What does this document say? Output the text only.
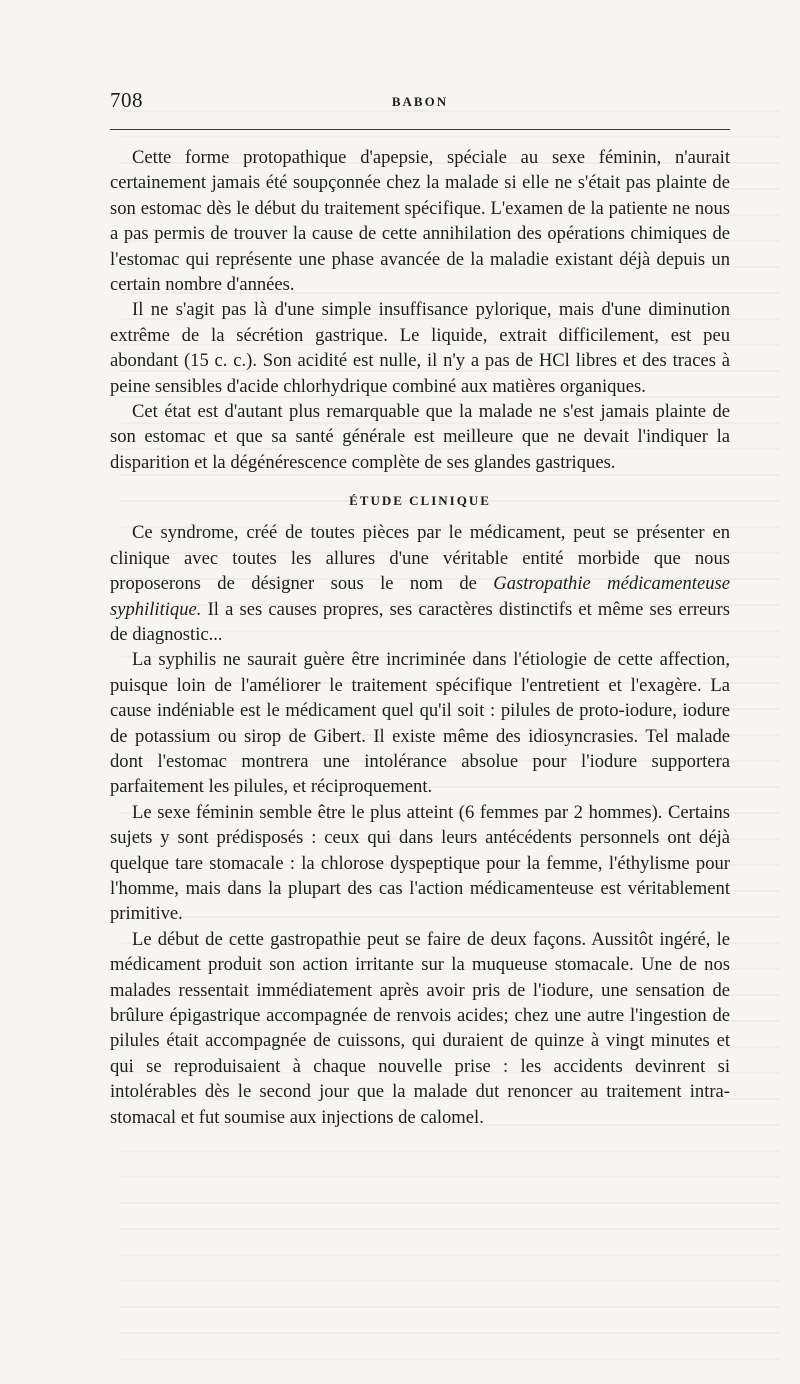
708	BABON

Cette forme protopathique d'apepsie, spéciale au sexe féminin, n'aurait certainement jamais été soupçonnée chez la malade si elle ne s'était pas plainte de son estomac dès le début du traitement spécifique. L'examen de la patiente ne nous a pas permis de trouver la cause de cette annihilation des opérations chimiques de l'estomac qui représente une phase avancée de la maladie existant déjà depuis un certain nombre d'années.

Il ne s'agit pas là d'une simple insuffisance pylorique, mais d'une diminution extrême de la sécrétion gastrique. Le liquide, extrait difficilement, est peu abondant (15 c. c.). Son acidité est nulle, il n'y a pas de HCl libres et des traces à peine sensibles d'acide chlorhydrique combiné aux matières organiques.

Cet état est d'autant plus remarquable que la malade ne s'est jamais plainte de son estomac et que sa santé générale est meilleure que ne devait l'indiquer la disparition et la dégénérescence complète de ses glandes gastriques.

ÉTUDE CLINIQUE

Ce syndrome, créé de toutes pièces par le médicament, peut se présenter en clinique avec toutes les allures d'une véritable entité morbide que nous proposerons de désigner sous le nom de Gastropathie médicamenteuse syphilitique. Il a ses causes propres, ses caractères distinctifs et même ses erreurs de diagnostic...

La syphilis ne saurait guère être incriminée dans l'étiologie de cette affection, puisque loin de l'améliorer le traitement spécifique l'entretient et l'exagère. La cause indéniable est le médicament quel qu'il soit : pilules de proto-iodure, iodure de potassium ou sirop de Gibert. Il existe même des idiosyncrasies. Tel malade dont l'estomac montrera une intolérance absolue pour l'iodure supportera parfaitement les pilules, et réciproquement.

Le sexe féminin semble être le plus atteint (6 femmes par 2 hommes). Certains sujets y sont prédisposés : ceux qui dans leurs antécédents personnels ont déjà quelque tare stomacale : la chlorose dyspeptique pour la femme, l'éthylisme pour l'homme, mais dans la plupart des cas l'action médicamenteuse est véritablement primitive.

Le début de cette gastropathie peut se faire de deux façons. Aussitôt ingéré, le médicament produit son action irritante sur la muqueuse stomacale. Une de nos malades ressentait immédiatement après avoir pris de l'iodure, une sensation de brûlure épigastrique accompagnée de renvois acides; chez une autre l'ingestion de pilules était accompagnée de cuissons, qui duraient de quinze à vingt minutes et qui se reproduisaient à chaque nouvelle prise : les accidents devinrent si intolérables dès le second jour que la malade dut renoncer au traitement intra-stomacal et fut soumise aux injections de calomel.
